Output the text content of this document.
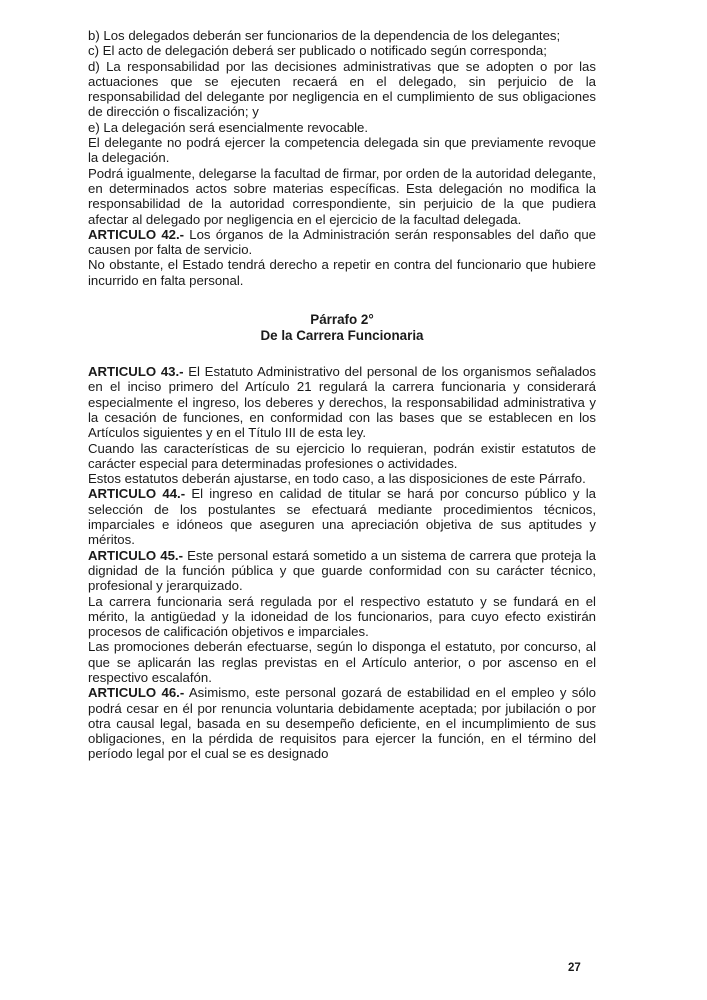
b) Los delegados deberán ser funcionarios de la dependencia de los delegantes;

c) El acto de delegación deberá ser publicado o notificado según corresponda;

d) La responsabilidad por las decisiones administrativas que se adopten o por las actuaciones que se ejecuten recaerá en el delegado, sin perjuicio de la responsabilidad del delegante por negligencia en el cumplimiento de sus obligaciones de dirección o fiscalización; y

e) La delegación será esencialmente revocable.

El delegante no podrá ejercer la competencia delegada sin que previamente revoque la delegación.

Podrá igualmente, delegarse la facultad de firmar, por orden de la autoridad delegante, en determinados actos sobre materias específicas. Esta delegación no modifica la responsabilidad de la autoridad correspondiente, sin perjuicio de la que pudiera afectar al delegado por negligencia en el ejercicio de la facultad delegada.

ARTICULO 42.- Los órganos de la Administración serán responsables del daño que causen por falta de servicio.

No obstante, el Estado tendrá derecho a repetir en contra del funcionario que hubiere incurrido en falta personal.

Párrafo 2°

De la Carrera Funcionaria

ARTICULO 43.- El Estatuto Administrativo del personal de los organismos señalados en el inciso primero del Artículo 21 regulará la carrera funcionaria y considerará especialmente el ingreso, los deberes y derechos, la responsabilidad administrativa y la cesación de funciones, en conformidad con las bases que se establecen en los Artículos siguientes y en el Título III de esta ley.

Cuando las características de su ejercicio lo requieran, podrán existir estatutos de carácter especial para determinadas profesiones o actividades.

Estos estatutos deberán ajustarse, en todo caso, a las disposiciones de este Párrafo.

ARTICULO 44.- El ingreso en calidad de titular se hará por concurso público y la selección de los postulantes se efectuará mediante procedimientos técnicos, imparciales e idóneos que aseguren una apreciación objetiva de sus aptitudes y méritos.

ARTICULO 45.- Este personal estará sometido a un sistema de carrera que proteja la dignidad de la función pública y que guarde conformidad con su carácter técnico, profesional y jerarquizado.

La carrera funcionaria será regulada por el respectivo estatuto y se fundará en el mérito, la antigüedad y la idoneidad de los funcionarios, para cuyo efecto existirán procesos de calificación objetivos e imparciales.

Las promociones deberán efectuarse, según lo disponga el estatuto, por concurso, al que se aplicarán las reglas previstas en el Artículo anterior, o por ascenso en el respectivo escalafón.

ARTICULO 46.- Asimismo, este personal gozará de estabilidad en el empleo y sólo podrá cesar en él por renuncia voluntaria debidamente aceptada; por jubilación o por otra causal legal, basada en su desempeño deficiente, en el incumplimiento de sus obligaciones, en la pérdida de requisitos para ejercer la función, en el término del período legal por el cual se es designado

27
